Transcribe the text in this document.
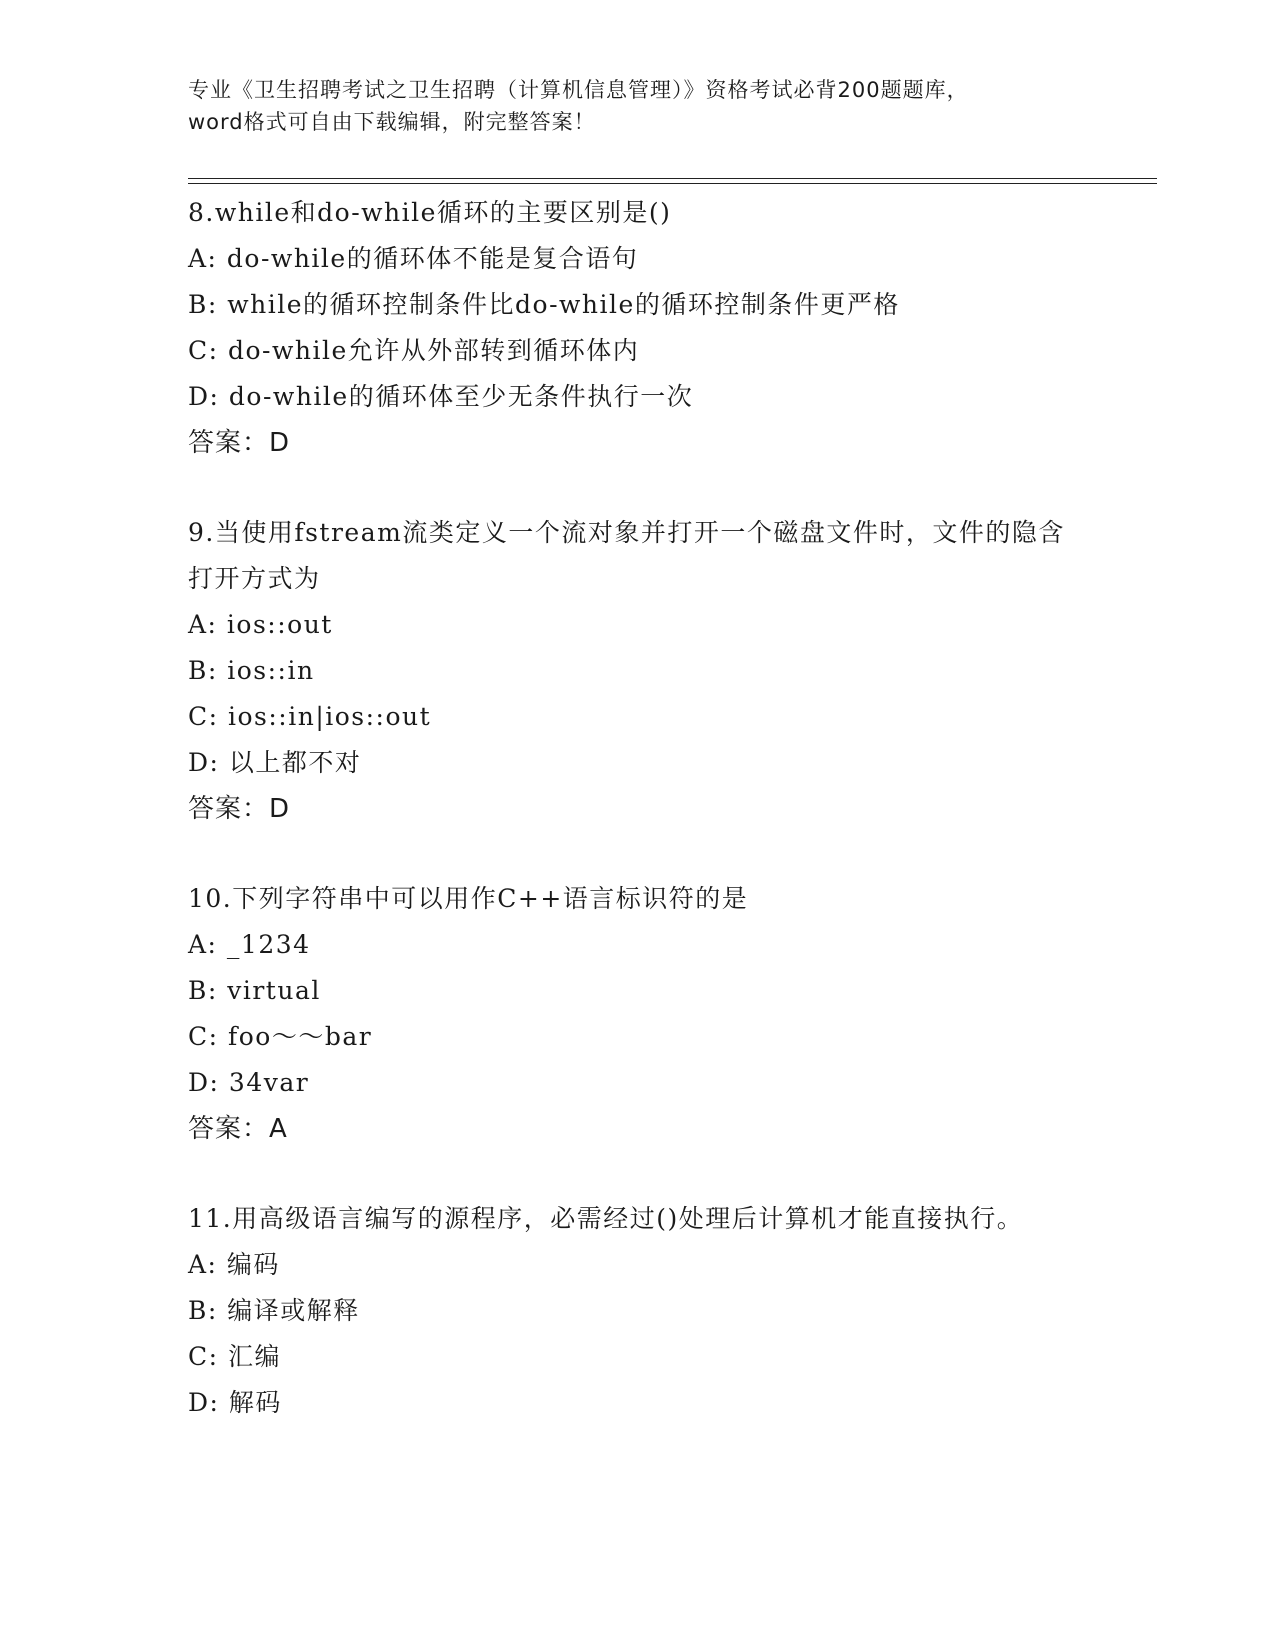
专业《卫生招聘考试之卫生招聘（计算机信息管理）》资格考试必背200题题库，
word格式可自由下载编辑，附完整答案！
8.while和do-while循环的主要区别是()
A: do-while的循环体不能是复合语句
B: while的循环控制条件比do-while的循环控制条件更严格
C: do-while允许从外部转到循环体内
D: do-while的循环体至少无条件执行一次
答案：D
9.当使用fstream流类定义一个流对象并打开一个磁盘文件时，文件的隐含打开方式为
A: ios::out
B: ios::in
C: ios::in|ios::out
D: 以上都不对
答案：D
10.下列字符串中可以用作C++语言标识符的是
A: _1234
B: virtual
C: foo～～bar
D: 34var
答案：A
11.用高级语言编写的源程序，必需经过()处理后计算机才能直接执行。
A: 编码
B: 编译或解释
C: 汇编
D: 解码
